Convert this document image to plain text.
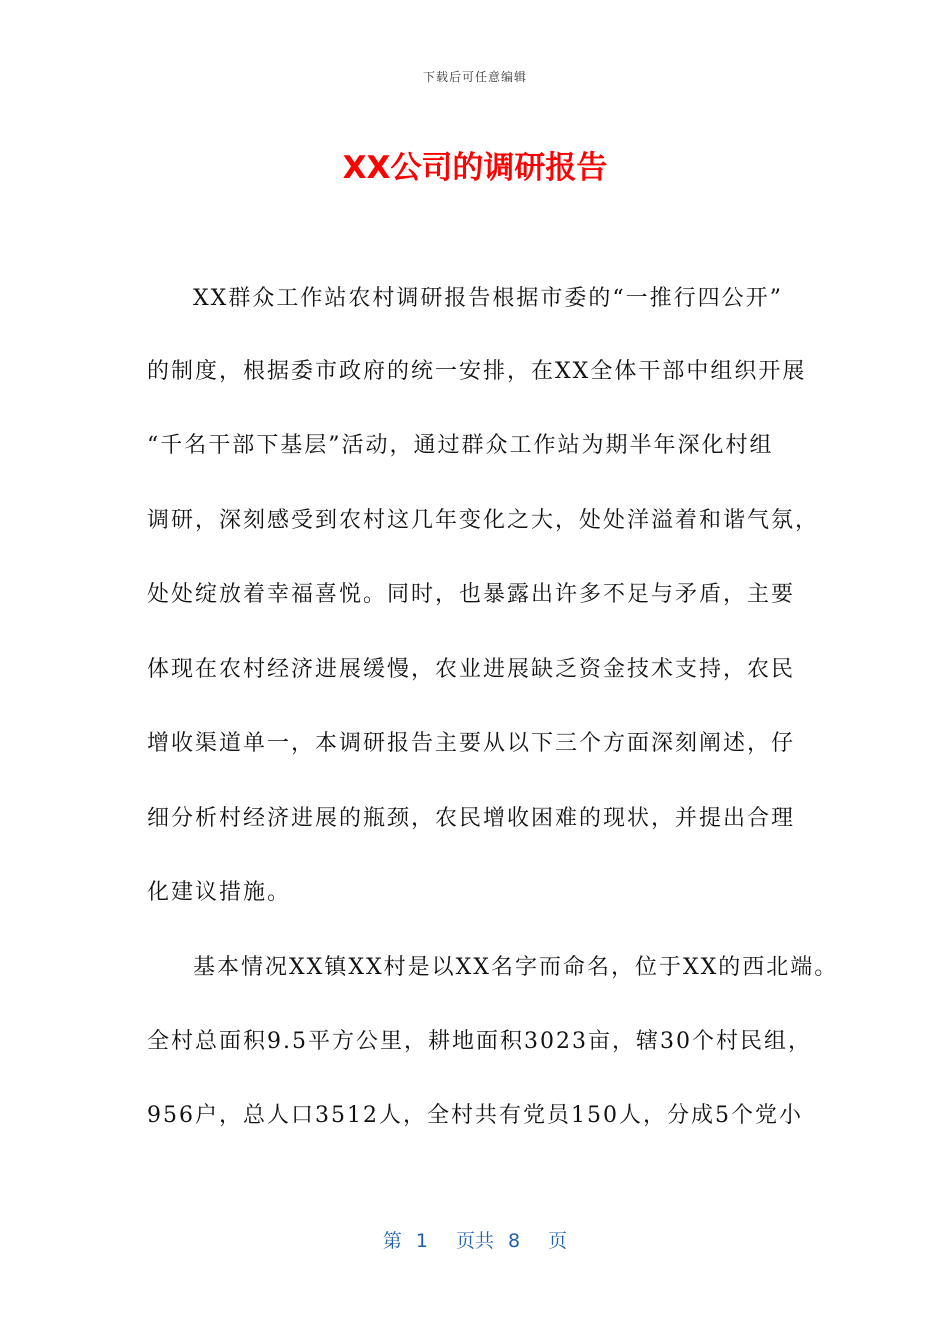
下载后可任意编辑
XX公司的调研报告
XX群众工作站农村调研报告根据市委的“一推行四公开”
的制度，根据委市政府的统一安排，在XX全体干部中组织开展
“千名干部下基层”活动，通过群众工作站为期半年深化村组
调研，深刻感受到农村这几年变化之大，处处洋溢着和谐气氛，
处处绽放着幸福喜悦。同时，也暴露出许多不足与矛盾，主要
体现在农村经济进展缓慢，农业进展缺乏资金技术支持，农民
增收渠道单一，本调研报告主要从以下三个方面深刻阐述，仔
细分析村经济进展的瓶颈，农民增收困难的现状，并提出合理
化建议措施。
基本情况XX镇XX村是以XX名字而命名，位于XX的西北端。
全村总面积9.5平方公里，耕地面积3023亩，辖30个村民组，
956户，总人口3512人，全村共有党员150人，分成5个党小
第 1 页共 8 页
